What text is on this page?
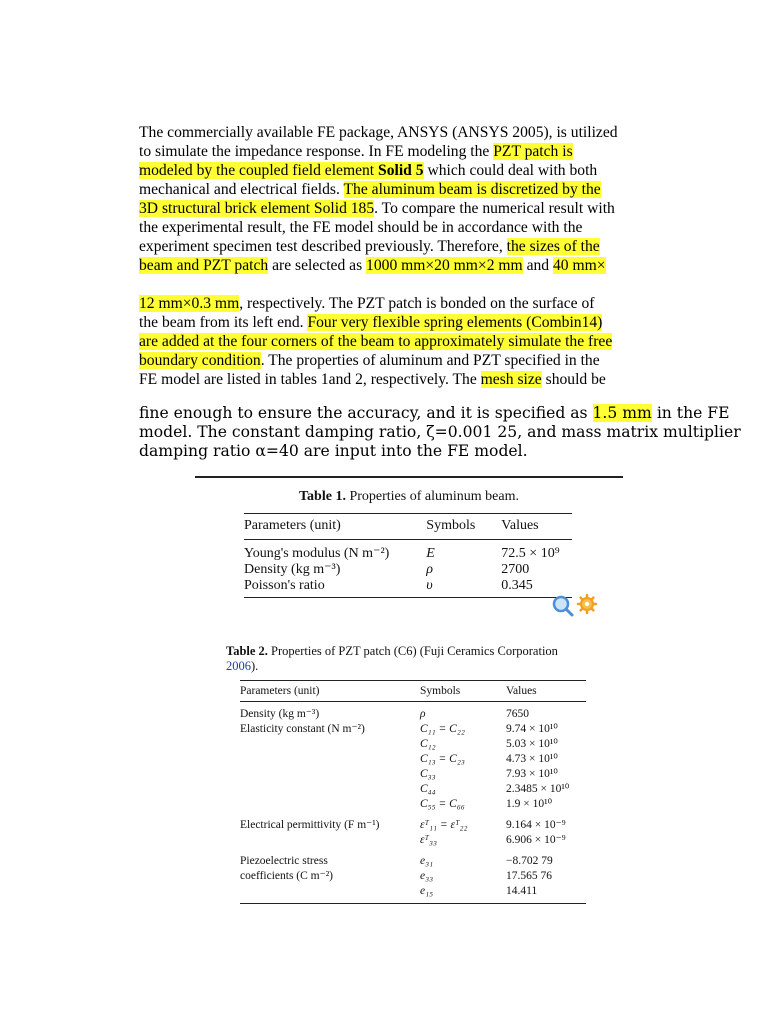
The commercially available FE package, ANSYS (ANSYS 2005), is utilized
to simulate the impedance response. In FE modeling the PZT patch is
modeled by the coupled field element Solid 5 which could deal with both
mechanical and electrical fields. The aluminum beam is discretized by the
3D structural brick element Solid 185. To compare the numerical result with
the experimental result, the FE model should be in accordance with the
experiment specimen test described previously. Therefore, the sizes of the
beam and PZT patch are selected as 1000 mm×20 mm×2 mm and 40 mm×

12 mm×0.3 mm, respectively. The PZT patch is bonded on the surface of
the beam from its left end. Four very flexible spring elements (Combin14)
are added at the four corners of the beam to approximately simulate the free
boundary condition. The properties of aluminum and PZT specified in the
FE model are listed in tables 1and 2, respectively. The mesh size should be
fine enough to ensure the accuracy, and it is specified as 1.5 mm in the FE
model. The constant damping ratio, ζ=0.001 25, and mass matrix multiplier
damping ratio α=40 are input into the FE model.
Table 1. Properties of aluminum beam.
Parameters (unit)	Symbols	Values
Young's modulus (N m⁻²)	E	72.5 × 10⁹
Density (kg m⁻³)	ρ	2700
Poisson's ratio	υ	0.345
Table 2. Properties of PZT patch (C6) (Fuji Ceramics Corporation
2006).
Parameters (unit)	Symbols	Values
Density (kg m⁻³)	ρ	7650
Elasticity constant (N m⁻²)	C₁₁ = C₂₂	9.74 × 10¹⁰
	C₁₂	5.03 × 10¹⁰
	C₁₃ = C₂₃	4.73 × 10¹⁰
	C₃₃	7.93 × 10¹⁰
	C₄₄	2.3485 × 10¹⁰
	C₅₅ = C₆₆	1.9 × 10¹⁰
Electrical permittivity (F m⁻¹)	εᵀ₁₁ = εᵀ₂₂	9.164 × 10⁻⁹
	εᵀ₃₃	6.906 × 10⁻⁹
Piezoelectric stress	e₃₁	−8.702 79
coefficients (C m⁻²)	e₃₃	17.565 76
	e₁₅	14.411
